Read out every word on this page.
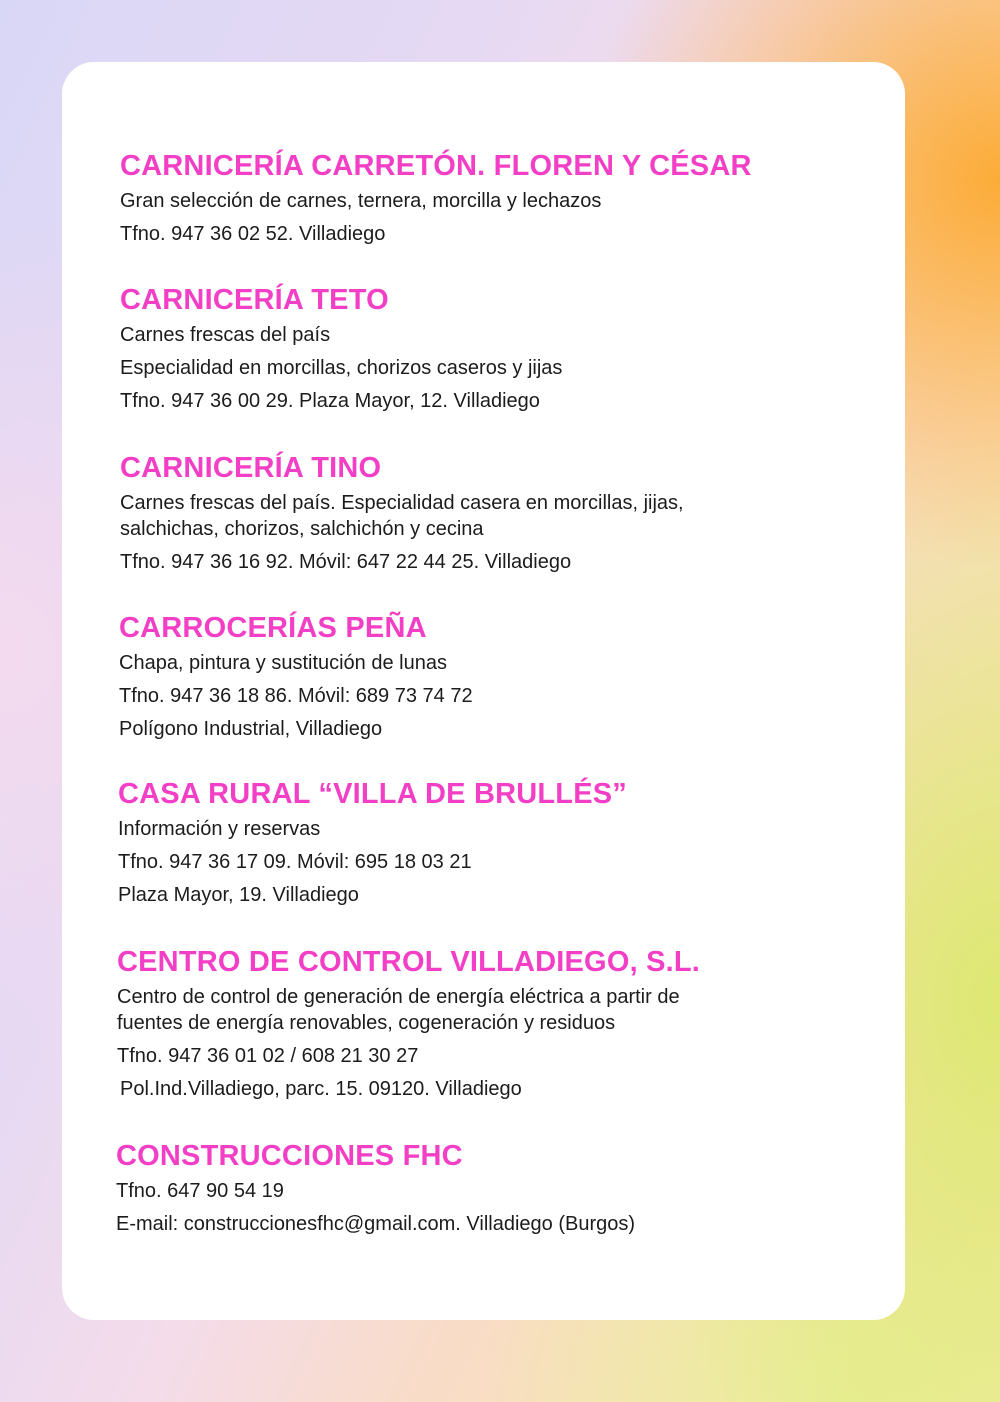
CARNICERÍA CARRETÓN. FLOREN Y CÉSAR

Gran selección de carnes, ternera, morcilla y lechazos

Tfno. 947 36 02 52. Villadiego

CARNICERÍA TETO

Carnes frescas del país

Especialidad en morcillas, chorizos caseros y jijas

Tfno. 947 36 00 29. Plaza Mayor, 12. Villadiego

CARNICERÍA TINO

Carnes frescas del país. Especialidad casera en morcillas, jijas,

salchichas, chorizos, salchichón y cecina

Tfno. 947 36 16 92. Móvil: 647 22 44 25. Villadiego

CARROCERÍAS PEÑA

Chapa, pintura y sustitución de lunas

Tfno. 947 36 18 86. Móvil: 689 73 74 72

Polígono Industrial, Villadiego

CASA RURAL “VILLA DE BRULLÉS”

Información y reservas

Tfno. 947 36 17 09. Móvil: 695 18 03 21

Plaza Mayor, 19. Villadiego

CENTRO DE CONTROL VILLADIEGO, S.L.

Centro de control de generación de energía eléctrica a partir de

fuentes de energía renovables, cogeneración y residuos

Tfno. 947 36 01 02 / 608 21 30 27

Pol.Ind.Villadiego, parc. 15. 09120. Villadiego

CONSTRUCCIONES FHC

Tfno. 647 90 54 19

E-mail: construccionesfhc@gmail.com. Villadiego (Burgos)
